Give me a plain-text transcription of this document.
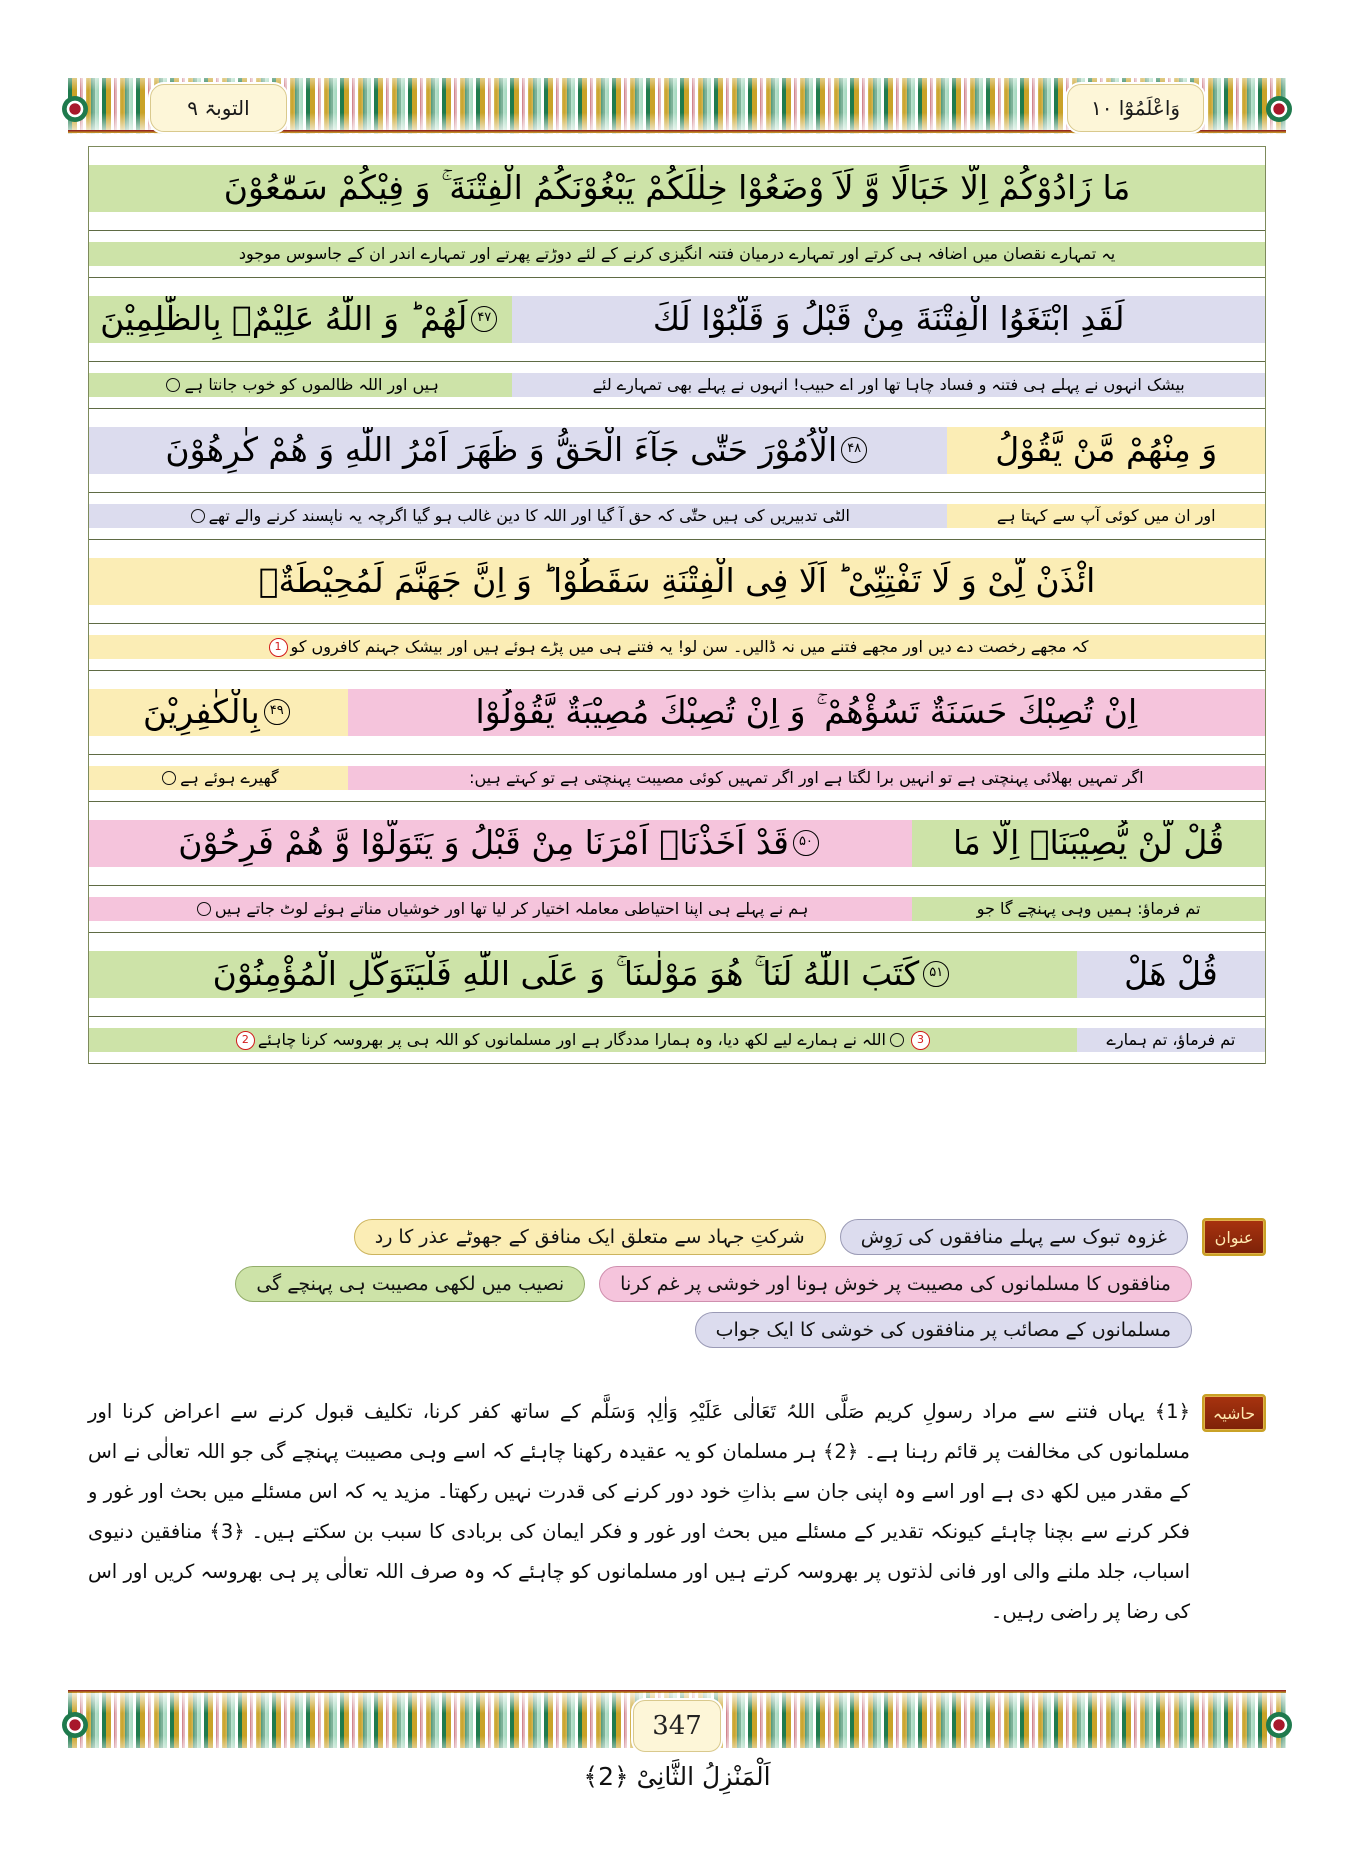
التوبۃ ۹	وَاعْلَمُوْٓا ۱۰
مَا زَادُوْكُمْ اِلَّا خَبَالًا وَّ لَاَ وْضَعُوْا خِلٰلَكُمْ يَبْغُوْنَكُمُ الْفِتْنَةَ ۚ وَ فِيْكُمْ سَمّٰعُوْنَ
یہ تمہارے نقصان میں اضافہ ہی کرتے اور تمہارے درمیان فتنہ انگیزی کرنے کے لئے دوڑتے پھرتے اور تمہارے اندر ان کے جاسوس موجود
لَقَدِ ابْتَغَوُا الْفِتْنَةَ مِنْ قَبْلُ وَ قَلَّبُوْا لَكَ
۴۷
لَهُمْ ؕ وَ اللّٰهُ عَلِيْمٌۢ بِالظّٰلِمِيْنَ
بیشک انہوں نے پہلے ہی فتنہ و فساد چاہا تھا اور اے حبیب! انہوں نے پہلے بھی تمہارے لئے
ہیں اور اللہ ظالموں کو خوب جانتا ہے
وَ مِنْهُمْ مَّنْ يَّقُوْلُ
۴۸
الْاُمُوْرَ حَتّٰى جَآءَ الْحَقُّ وَ ظَهَرَ اَمْرُ اللّٰهِ وَ هُمْ كٰرِهُوْنَ
اور ان میں کوئی آپ سے کہتا ہے
الٹی تدبیریں کی ہیں حتّٰی کہ حق آ گیا اور اللہ کا دین غالب ہو گیا اگرچہ یہ ناپسند کرنے والے تھے
ائْذَنْ لِّیْ وَ لَا تَفْتِنِّیْ ؕ اَلَا فِی الْفِتْنَةِ سَقَطُوْا ؕ وَ اِنَّ جَهَنَّمَ لَمُحِيْطَةٌۢ
کہ مجھے رخصت دے دیں اور مجھے فتنے میں نہ ڈالیں۔ سن لو! یہ فتنے ہی میں پڑے ہوئے ہیں اور بیشک جہنم کافروں کو
1
اِنْ تُصِبْكَ حَسَنَةٌ تَسُؤْهُمْ ۚ وَ اِنْ تُصِبْكَ مُصِيْبَةٌ يَّقُوْلُوْا
۴۹
بِالْكٰفِرِيْنَ
اگر تمہیں بھلائی پہنچتی ہے تو انہیں برا لگتا ہے اور اگر تمہیں کوئی مصیبت پہنچتی ہے تو کہتے ہیں:
گھیرے ہوئے ہے
قُلْ لَّنْ يُّصِيْبَنَاۤ اِلَّا مَا
۵۰
قَدْ اَخَذْنَاۤ اَمْرَنَا مِنْ قَبْلُ وَ يَتَوَلَّوْا وَّ هُمْ فَرِحُوْنَ
تم فرماؤ: ہمیں وہی پہنچے گا جو
ہم نے پہلے ہی اپنا احتیاطی معاملہ اختیار کر لیا تھا اور خوشیاں مناتے ہوئے لوٹ جاتے ہیں
قُلْ هَلْ
۵۱
كَتَبَ اللّٰهُ لَنَا ۚ هُوَ مَوْلٰىنَا ۚ وَ عَلَى اللّٰهِ فَلْيَتَوَكَّلِ الْمُؤْمِنُوْنَ
تم فرماؤ، تم ہمارے
3
اللہ نے ہمارے لیے لکھ دیا، وہ ہمارا مددگار ہے اور مسلمانوں کو اللہ ہی پر بھروسہ کرنا چاہئے
2
عنوان
غزوہ تبوک سے پہلے منافقوں کی رَوِش
شرکتِ جہاد سے متعلق ایک منافق کے جھوٹے عذر کا رد
منافقوں کا مسلمانوں کی مصیبت پر خوش ہونا اور خوشی پر غم کرنا
نصیب میں لکھی مصیبت ہی پہنچے گی
مسلمانوں کے مصائب پر منافقوں کی خوشی کا ایک جواب
حاشیہ
﴿1﴾ یہاں فتنے سے مراد رسولِ کریم صَلَّی اللہُ تَعَالٰی عَلَیْہِ وَاٰلِہٖ وَسَلَّم کے ساتھ کفر کرنا، تکلیف قبول کرنے سے اعراض کرنا اور مسلمانوں کی مخالفت پر قائم رہنا ہے۔ ﴿2﴾ ہر مسلمان کو یہ عقیدہ رکھنا چاہئے کہ اسے وہی مصیبت پہنچے گی جو اللہ تعالٰی نے اس کے مقدر میں لکھ دی ہے اور اسے وہ اپنی جان سے بذاتِ خود دور کرنے کی قدرت نہیں رکھتا۔ مزید یہ کہ اس مسئلے میں بحث اور غور و فکر کرنے سے بچنا چاہئے کیونکہ تقدیر کے مسئلے میں بحث اور غور و فکر ایمان کی بربادی کا سبب بن سکتے ہیں۔ ﴿3﴾ منافقین دنیوی اسباب، جلد ملنے والی اور فانی لذتوں پر بھروسہ کرتے ہیں اور مسلمانوں کو چاہئے کہ وہ صرف اللہ تعالٰی پر ہی بھروسہ کریں اور اس کی رضا پر راضی رہیں۔
347
اَلْمَنْزِلُ الثَّانِیْ ﴿2﴾
